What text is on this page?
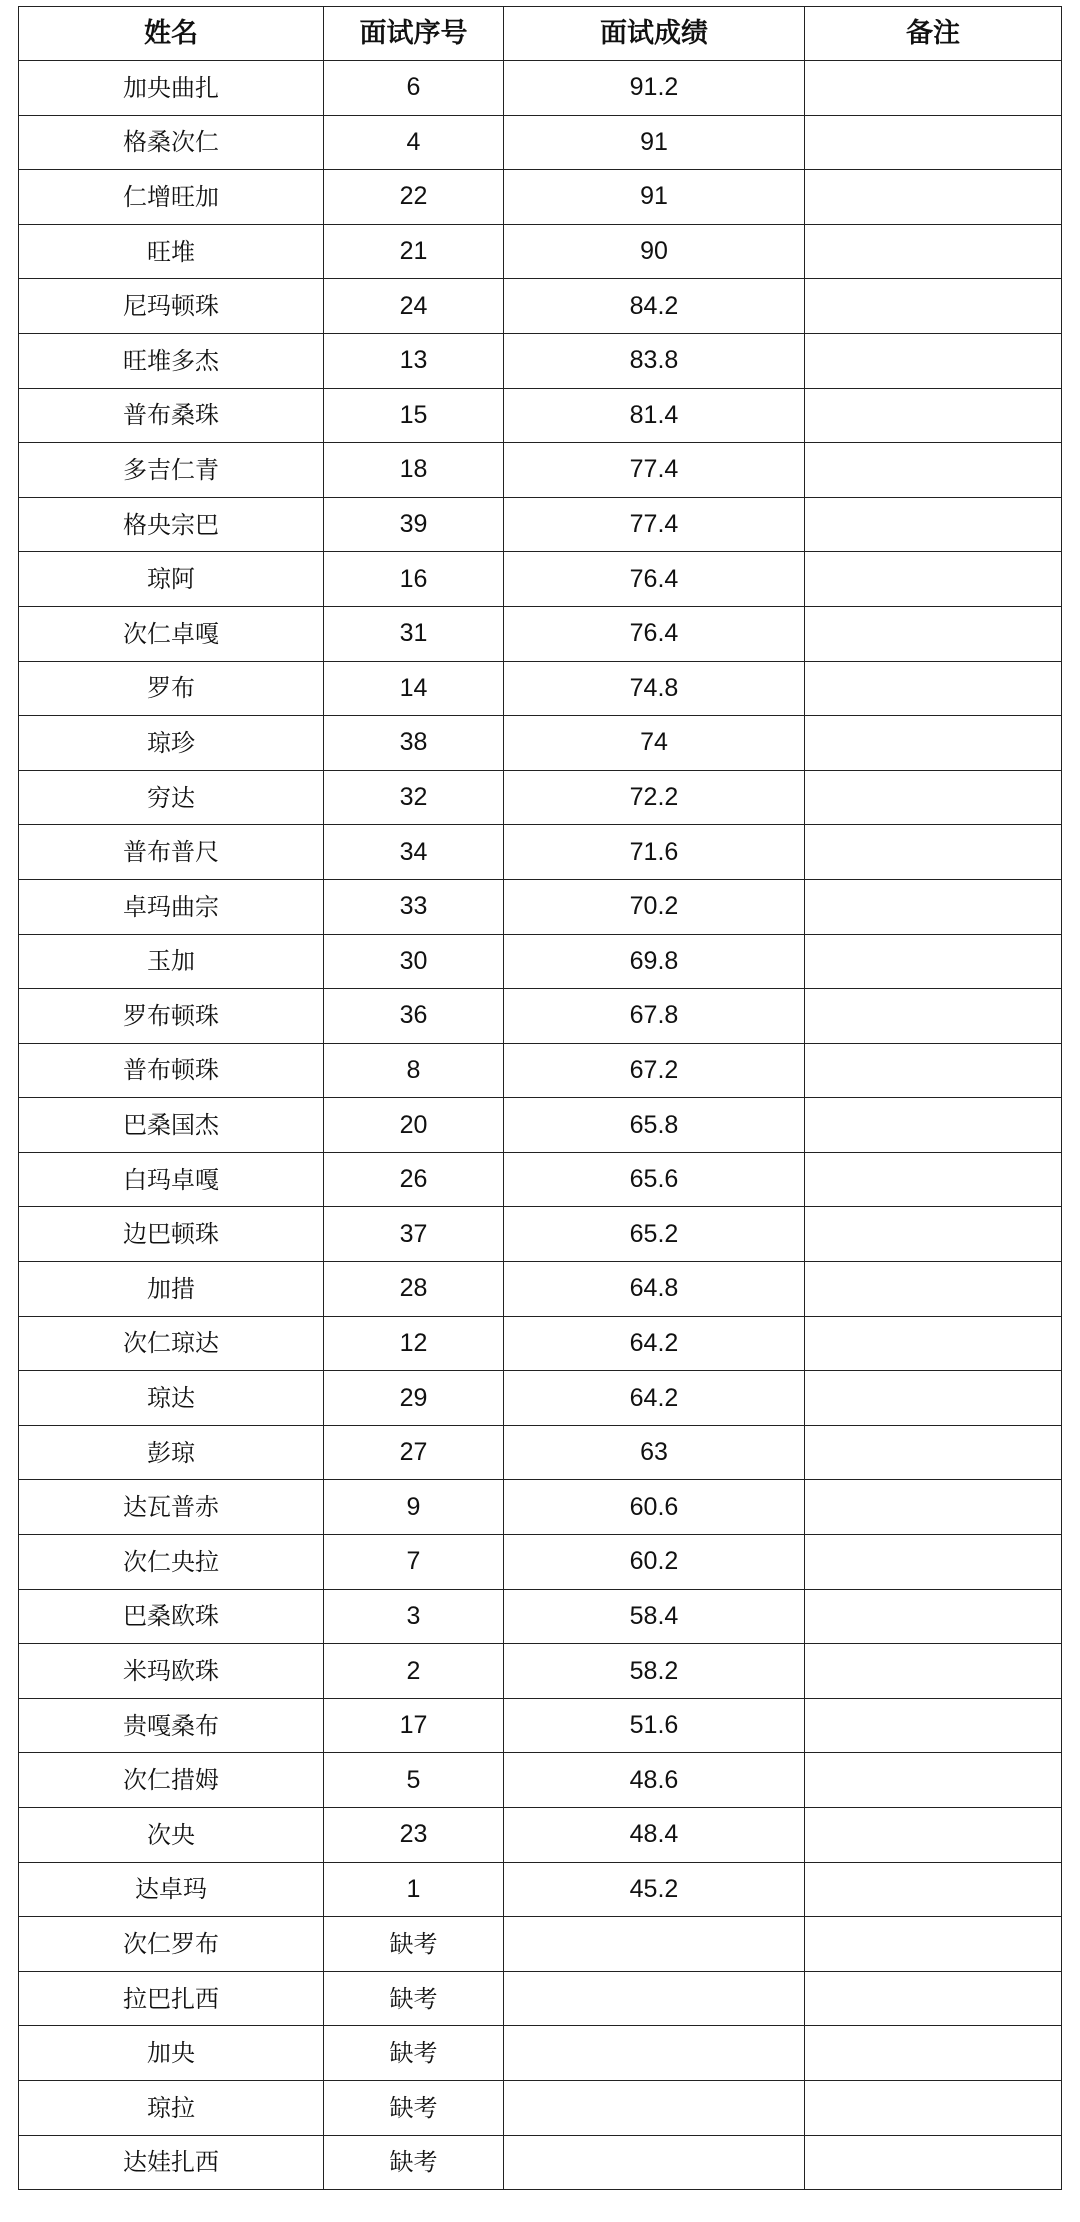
姓名	面试序号	面试成绩	备注
加央曲扎	6	91.2	
格桑次仁	4	91	
仁增旺加	22	91	
旺堆	21	90	
尼玛顿珠	24	84.2	
旺堆多杰	13	83.8	
普布桑珠	15	81.4	
多吉仁青	18	77.4	
格央宗巴	39	77.4	
琼阿	16	76.4	
次仁卓嘎	31	76.4	
罗布	14	74.8	
琼珍	38	74	
穷达	32	72.2	
普布普尺	34	71.6	
卓玛曲宗	33	70.2	
玉加	30	69.8	
罗布顿珠	36	67.8	
普布顿珠	8	67.2	
巴桑国杰	20	65.8	
白玛卓嘎	26	65.6	
边巴顿珠	37	65.2	
加措	28	64.8	
次仁琼达	12	64.2	
琼达	29	64.2	
彭琼	27	63	
达瓦普赤	9	60.6	
次仁央拉	7	60.2	
巴桑欧珠	3	58.4	
米玛欧珠	2	58.2	
贵嘎桑布	17	51.6	
次仁措姆	5	48.6	
次央	23	48.4	
达卓玛	1	45.2	
次仁罗布	缺考		
拉巴扎西	缺考		
加央	缺考		
琼拉	缺考		
达娃扎西	缺考		
